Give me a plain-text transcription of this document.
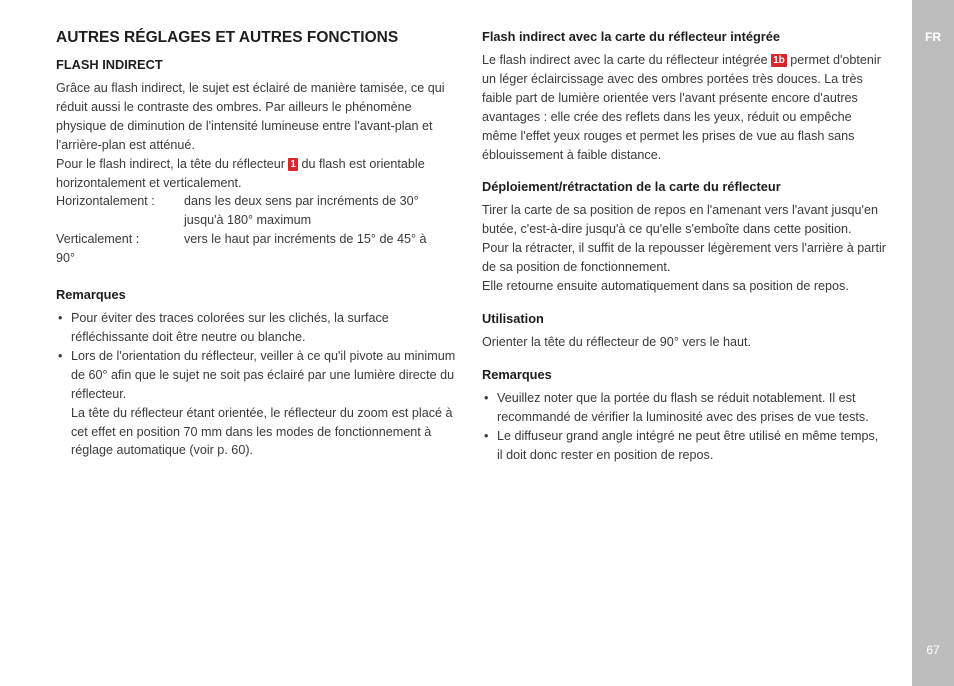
AUTRES RÉGLAGES ET AUTRES FONCTIONS
FLASH INDIRECT

Grâce au flash indirect, le sujet est éclairé de manière tamisée, ce qui réduit aussi le contraste des ombres. Par ailleurs le phénomène physique de diminution de l'intensité lumineuse entre l'avant-plan et l'arrière-plan est atténué.

Pour le flash indirect, la tête du réflecteur 1 du flash est orientable horizontalement et verticalement.

Horizontalement :	dans les deux sens par incréments de 30° jusqu'à 180° maximum
Verticalement :	vers le haut par incréments de 15° de 45° à

90°

Remarques
• Pour éviter des traces colorées sur les clichés, la surface réfléchissante doit être neutre ou blanche.
• Lors de l'orientation du réflecteur, veiller à ce qu'il pivote au minimum de 60° afin que le sujet ne soit pas éclairé par une lumière directe du réflecteur.
La tête du réflecteur étant orientée, le réflecteur du zoom est placé à cet effet en position 70 mm dans les modes de fonctionnement à réglage automatique (voir p. 60).
Flash indirect avec la carte du réflecteur intégrée

Le flash indirect avec la carte du réflecteur intégrée 1b permet d'obtenir un léger éclaircissage avec des ombres portées très douces. La très faible part de lumière orientée vers l'avant présente encore d'autres avantages : elle crée des reflets dans les yeux, réduit ou empêche même l'effet yeux rouges et permet les prises de vue au flash sans éblouissement à faible distance.

Déploiement/rétractation de la carte du réflecteur

Tirer la carte de sa position de repos en l'amenant vers l'avant jusqu'en butée, c'est-à-dire jusqu'à ce qu'elle s'emboîte dans cette position.

Pour la rétracter, il suffit de la repousser légèrement vers l'arrière à partir de sa position de fonctionnement.

Elle retourne ensuite automatiquement dans sa position de repos.

Utilisation

Orienter la tête du réflecteur de 90° vers le haut.

Remarques
• Veuillez noter que la portée du flash se réduit notablement. Il est recommandé de vérifier la luminosité avec des prises de vue tests.
• Le diffuseur grand angle intégré ne peut être utilisé en même temps, il doit donc rester en position de repos.
FR
67
